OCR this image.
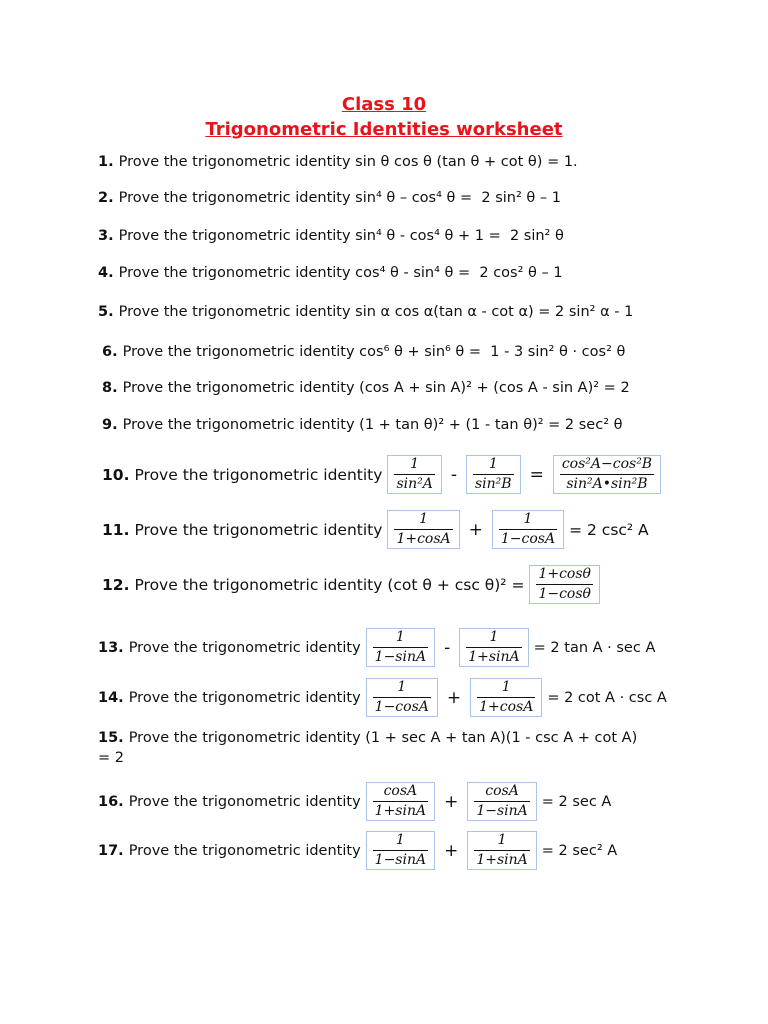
Class 10
Trigonometric Identities worksheet
1. Prove the trigonometric identity sin θ cos θ (tan θ + cot θ) = 1.
2. Prove the trigonometric identity sin⁴ θ – cos⁴ θ =  2 sin² θ – 1
3. Prove the trigonometric identity sin⁴ θ - cos⁴ θ + 1 =  2 sin² θ
4. Prove the trigonometric identity cos⁴ θ - sin⁴ θ =  2 cos² θ – 1
5. Prove the trigonometric identity sin α cos α(tan α - cot α) = 2 sin² α - 1
6. Prove the trigonometric identity cos⁶ θ + sin⁶ θ =  1 - 3 sin² θ · cos² θ
8. Prove the trigonometric identity (cos A + sin A)² + (cos A - sin A)² = 2
9. Prove the trigonometric identity (1 + tan θ)² + (1 - tan θ)² = 2 sec² θ
10. Prove the trigonometric identity $\frac{1}{\text{sin²A}} - \frac{1}{\text{sin²B}} = \frac{\text{cos²A−cos²B}}{\text{sin²A•sin²B}}$
11. Prove the trigonometric identity $\frac{1}{1+\cos A} + \frac{1}{1-\cos A} = 2$ csc² A
12. Prove the trigonometric identity (cot $\theta + \csc \theta)^2 = \frac{1+\cos\theta}{1-\cos\theta}$
13. Prove the trigonometric identity $\frac{1}{1-\sin A} - \frac{1}{1+\sin A} = 2$ tan A · sec A
14. Prove the trigonometric identity $\frac{1}{1-\cos A} + \frac{1}{1+\cos A} = 2$ cot A · csc A
15. Prove the trigonometric identity (1 + sec A + tan A)(1 - csc A + cot A)
= 2
16. Prove the trigonometric identity $\frac{\cos A}{1+\sin A} + \frac{\cos A}{1-\sin A} = 2$ sec A
17. Prove the trigonometric identity $\frac{1}{1-\sin A} + \frac{1}{1+\sin A} = 2$ sec² A
